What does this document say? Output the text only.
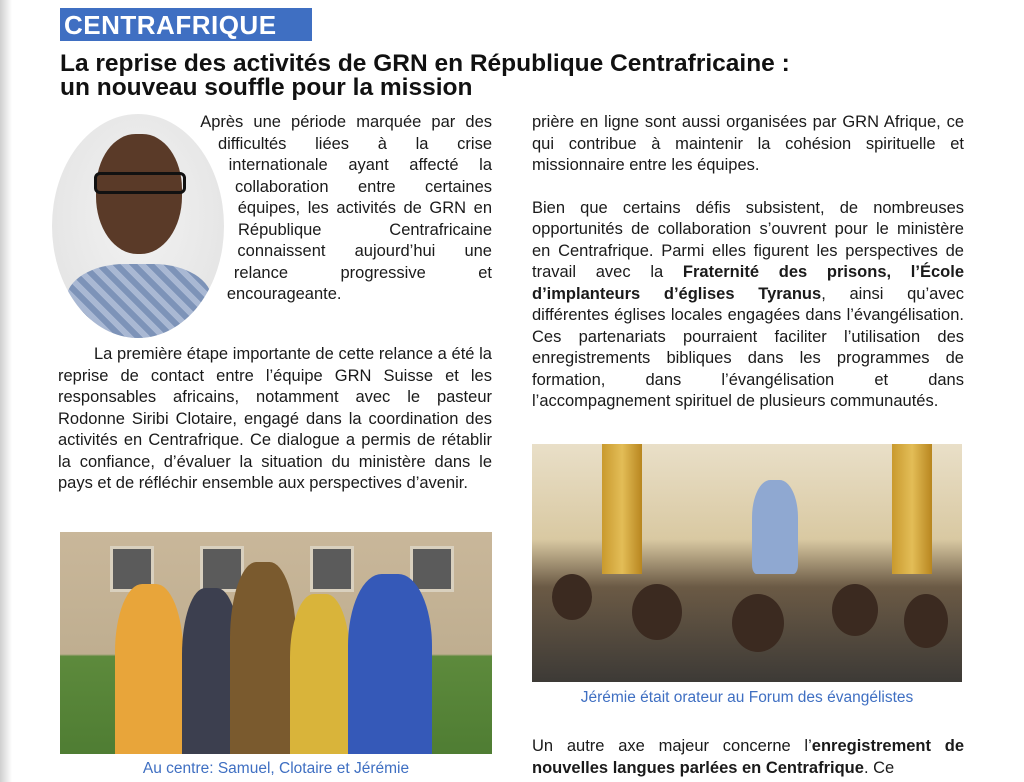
CENTRAFRIQUE
La reprise des activités de GRN en République Centrafricaine :
un nouveau souffle pour la mission

Après une période marquée par des difficultés liées à la crise internationale ayant affecté la collaboration entre certaines équipes, les activités de GRN en République Centrafricaine connaissent aujourd’hui une relance progressive et encourageante.

La première étape importante de cette relance a été la reprise de contact entre l’équipe GRN Suisse et les responsables africains, notamment avec le pasteur Rodonne Siribi Clotaire, engagé dans la coordination des activités en Centrafrique. Ce dialogue a permis de rétablir la confiance, d’évaluer la situation du ministère dans le pays et de réfléchir ensemble aux perspectives d’avenir.

Au centre: Samuel, Clotaire et Jérémie

prière en ligne sont aussi organisées par GRN Afrique, ce qui contribue à maintenir la cohésion spirituelle et missionnaire entre les équipes.

Bien que certains défis subsistent, de nombreuses opportunités de collaboration s’ouvrent pour le ministère en Centrafrique. Parmi elles figurent les perspectives de travail avec la Fraternité des prisons, l’École d’implanteurs d’églises Tyranus, ainsi qu’avec différentes églises locales engagées dans l’évangélisation. Ces partenariats pourraient faciliter l’utilisation des enregistrements bibliques dans les programmes de formation, dans l’évangélisation et dans l’accompagnement spirituel de plusieurs communautés.

Jérémie était orateur au Forum des évangélistes

Un autre axe majeur concerne l’enregistrement de nouvelles langues parlées en Centrafrique. Ce
